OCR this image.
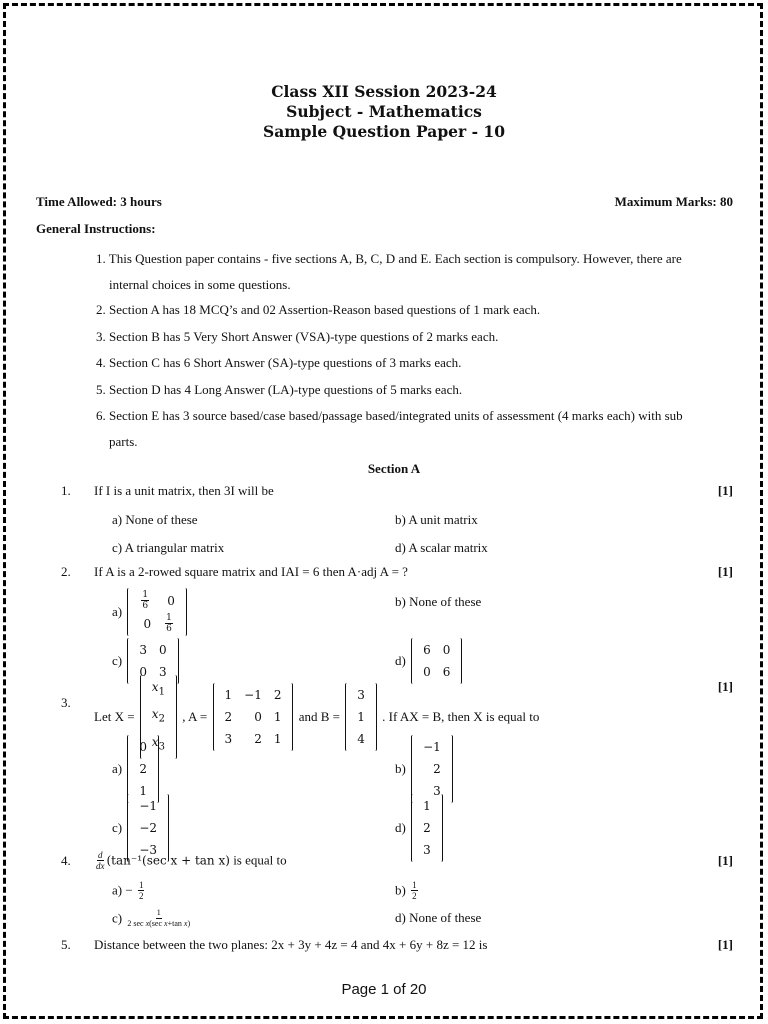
Class XII Session 2023-24
Subject - Mathematics
Sample Question Paper - 10
Time Allowed: 3 hours	Maximum Marks: 80
General Instructions:
1. This Question paper contains - five sections A, B, C, D and E. Each section is compulsory. However, there are
internal choices in some questions.
2. Section A has 18 MCQ’s and 02 Assertion-Reason based questions of 1 mark each.
3. Section B has 5 Very Short Answer (VSA)-type questions of 2 marks each.
4. Section C has 6 Short Answer (SA)-type questions of 3 marks each.
5. Section D has 4 Long Answer (LA)-type questions of 5 marks each.
6. Section E has 3 source based/case based/passage based/integrated units of assessment (4 marks each) with sub
parts.
Section A
1. If I is a unit matrix, then 3I will be	[1]
a) None of these	b) A unit matrix
c) A triangular matrix	d) A scalar matrix
2. If A is a 2-rowed square matrix and IAI = 6 then A·adj A = ?	[1]
a)
$\frac{1}{6}$	0
0	$\frac{1}{6}$
b) None of these
c)
3	0
0	3
d)
6	0
0	6
3.
Let X =
$x_1$
$x_2$
$x_3$
, A =
1	−1	2
2	0	1
3	2	1
and B =
3
1
4
. If AX = B, then X is equal to
[1]
a)
0
2
1
b)
−1
2
3
c)
−1
−2
−3
d)
1
2
3
4.	$\frac{d}{dx} (\tan^{-1}(\sec$ x + tan x) is equal to	[1]
$a) - \frac{1}{2}$	$b) \frac{1}{2}$
$c) \frac{1}{\text{2 sec x(sec x+tan x)}}$	d) None of these
5. Distance between the two planes: 2x + 3y + 4z = 4 and 4x + 6y + 8z = 12 is	[1]
Page 1 of 20
